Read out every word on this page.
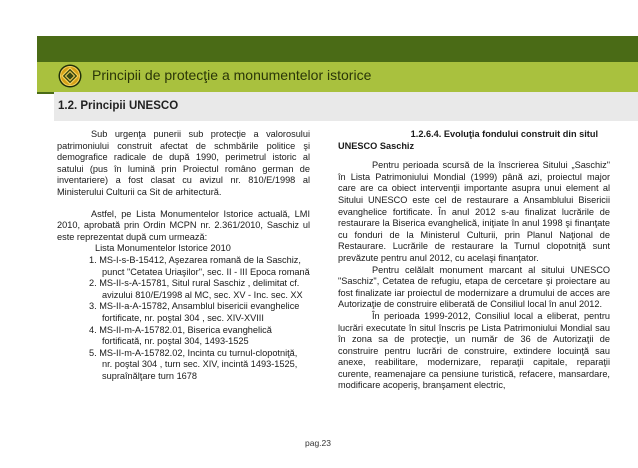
Principii de protecţie a monumentelor istorice
1.2. Principii UNESCO

Sub urgenţa punerii sub protecţie a valorosului patrimoniului construit afectat de schmbările politice şi demografice radicale de după 1990, perimetrul istoric al satului (pus în lumină prin Proiectul româno german de inventariere) a fost clasat cu avizul nr. 810/E/1998 al Ministerului Culturii ca Sit de arhitectură.

Astfel, pe Lista Monumentelor Istorice actuală, LMI 2010, aprobată prin Ordin MCPN nr. 2.361/2010, Saschiz ul este reprezentat după cum urmează:

Lista Monumentelor Istorice 2010

1. MS-I-s-B-15412, Aşezarea romană de la Saschiz, punct "Cetatea Uriaşilor", sec. II - III Epoca romană

2. MS-II-s-A-15781, Situl rural Saschiz , delimitat cf. avizului 810/E/1998 al MC, sec. XV - Inc. sec. XX

3. MS-II-a-A-15782, Ansamblul bisericii evanghelice fortificate, nr. poştal 304 , sec. XIV-XVIII

4. MS-II-m-A-15782.01, Biserica evanghelică fortificată, nr. poştal 304, 1493-1525

5. MS-II-m-A-15782.02, Incinta cu turnul-clopotniţă, nr. poştal 304 , turn sec. XIV, incintă 1493-1525, supraînălţare turn 1678

1.2.6.4. Evoluţia fondului construit din situl

UNESCO Saschiz

Pentru perioada scursă de la înscrierea Sitului „Saschiz" în Lista Patrimoniului Mondial (1999) până azi, proiectul major care are ca obiect intervenţii importante asupra unui element al Sitului UNESCO este cel de restaurare a Ansamblului Bisericii evanghelice fortificate. În anul 2012 s-au finalizat lucrările de restaurare la Biserica evanghelică, iniţiate în anul 1998 şi finanţate cu fonduri de la Ministerul Culturii, prin Planul Naţional de Restaurare. Lucrările de restaurare la Turnul clopotniţă sunt prevăzute pentru anul 2012, cu acelaşi finanţator.

Pentru celălalt monument marcant al sitului UNESCO "Saschiz", Cetatea de refugiu, etapa de cercetare şi proiectare au fost finalizate iar proiectul de modernizare a drumului de acces are Autorizaţie de construire eliberată de Consiliul local în anul 2012.

În perioada 1999-2012, Consiliul local a eliberat, pentru lucrări executate în situl înscris pe Lista Patrimoniului Mondial sau în zona sa de protecţie, un număr de 36 de Autorizaţii de construire pentru lucrări de construire, extindere locuinţă sau anexe, reabilitare, modernizare, reparaţii capitale, reparaţii curente, reamenajare ca pensiune turistică, refacere, mansardare, modificare acoperiş, branşament electric,

pag.23
